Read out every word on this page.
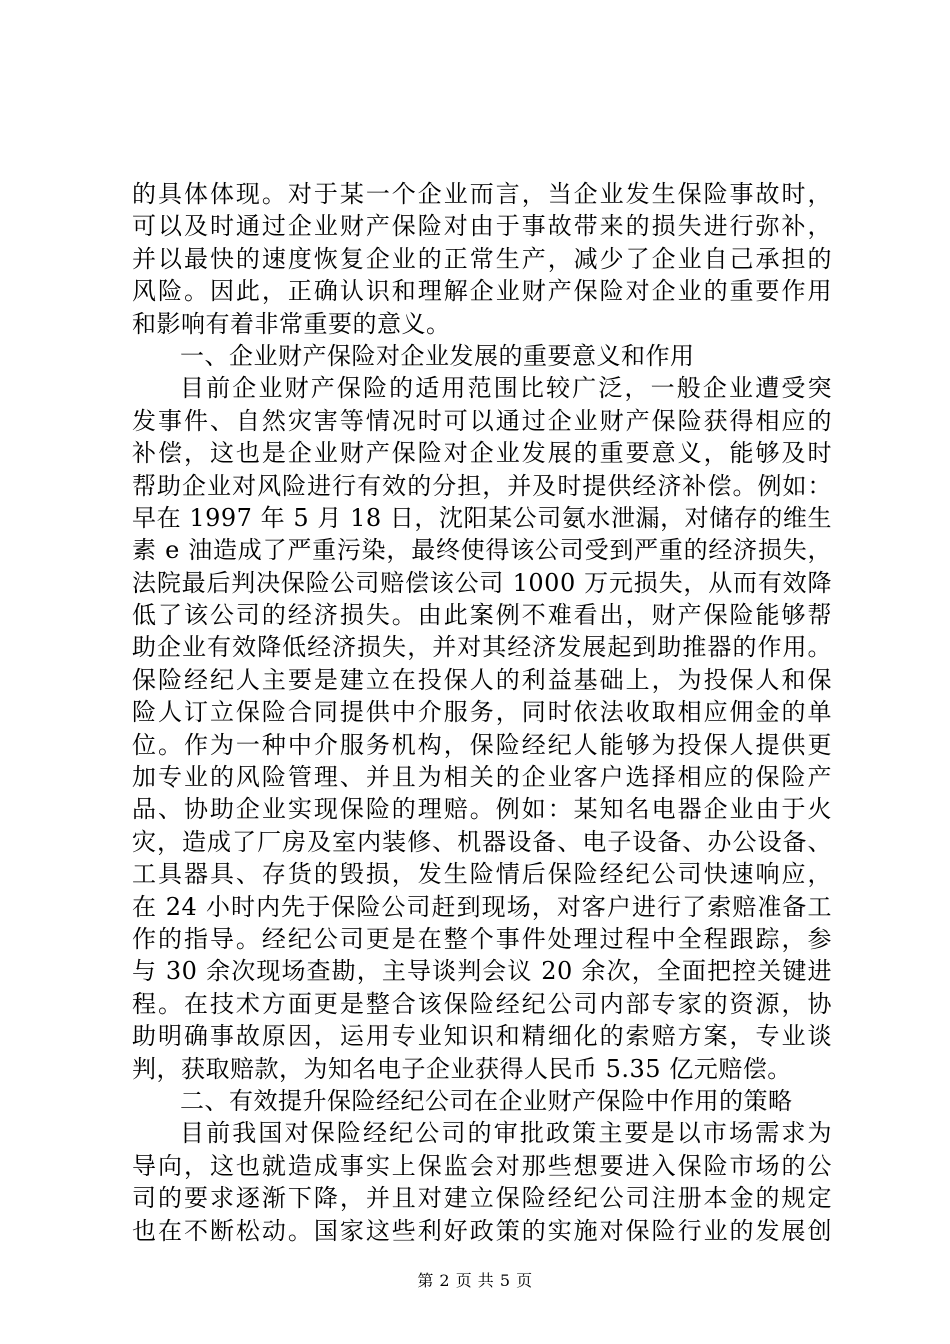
的具体体现。对于某一个企业而言，当企业发生保险事故时，
可以及时通过企业财产保险对由于事故带来的损失进行弥补，
并以最快的速度恢复企业的正常生产，减少了企业自己承担的
风险。因此，正确认识和理解企业财产保险对企业的重要作用
和影响有着非常重要的意义。
一、企业财产保险对企业发展的重要意义和作用
目前企业财产保险的适用范围比较广泛，一般企业遭受突
发事件、自然灾害等情况时可以通过企业财产保险获得相应的
补偿，这也是企业财产保险对企业发展的重要意义，能够及时
帮助企业对风险进行有效的分担，并及时提供经济补偿。例如：
早在 1997 年 5 月 18 日，沈阳某公司氨水泄漏，对储存的维生
素 e 油造成了严重污染，最终使得该公司受到严重的经济损失，
法院最后判决保险公司赔偿该公司 1000 万元损失，从而有效降
低了该公司的经济损失。由此案例不难看出，财产保险能够帮
助企业有效降低经济损失，并对其经济发展起到助推器的作用。
保险经纪人主要是建立在投保人的利益基础上，为投保人和保
险人订立保险合同提供中介服务，同时依法收取相应佣金的单
位。作为一种中介服务机构，保险经纪人能够为投保人提供更
加专业的风险管理、并且为相关的企业客户选择相应的保险产
品、协助企业实现保险的理赔。例如：某知名电器企业由于火
灾，造成了厂房及室内装修、机器设备、电子设备、办公设备、
工具器具、存货的毁损，发生险情后保险经纪公司快速响应，
在 24 小时内先于保险公司赶到现场，对客户进行了索赔准备工
作的指导。经纪公司更是在整个事件处理过程中全程跟踪，参
与 30 余次现场查勘，主导谈判会议 20 余次，全面把控关键进
程。在技术方面更是整合该保险经纪公司内部专家的资源，协
助明确事故原因，运用专业知识和精细化的索赔方案，专业谈
判，获取赔款，为知名电子企业获得人民币 5.35 亿元赔偿。
二、有效提升保险经纪公司在企业财产保险中作用的策略
目前我国对保险经纪公司的审批政策主要是以市场需求为
导向，这也就造成事实上保监会对那些想要进入保险市场的公
司的要求逐渐下降，并且对建立保险经纪公司注册本金的规定
也在不断松动。国家这些利好政策的实施对保险行业的发展创
第 2 页 共 5 页
